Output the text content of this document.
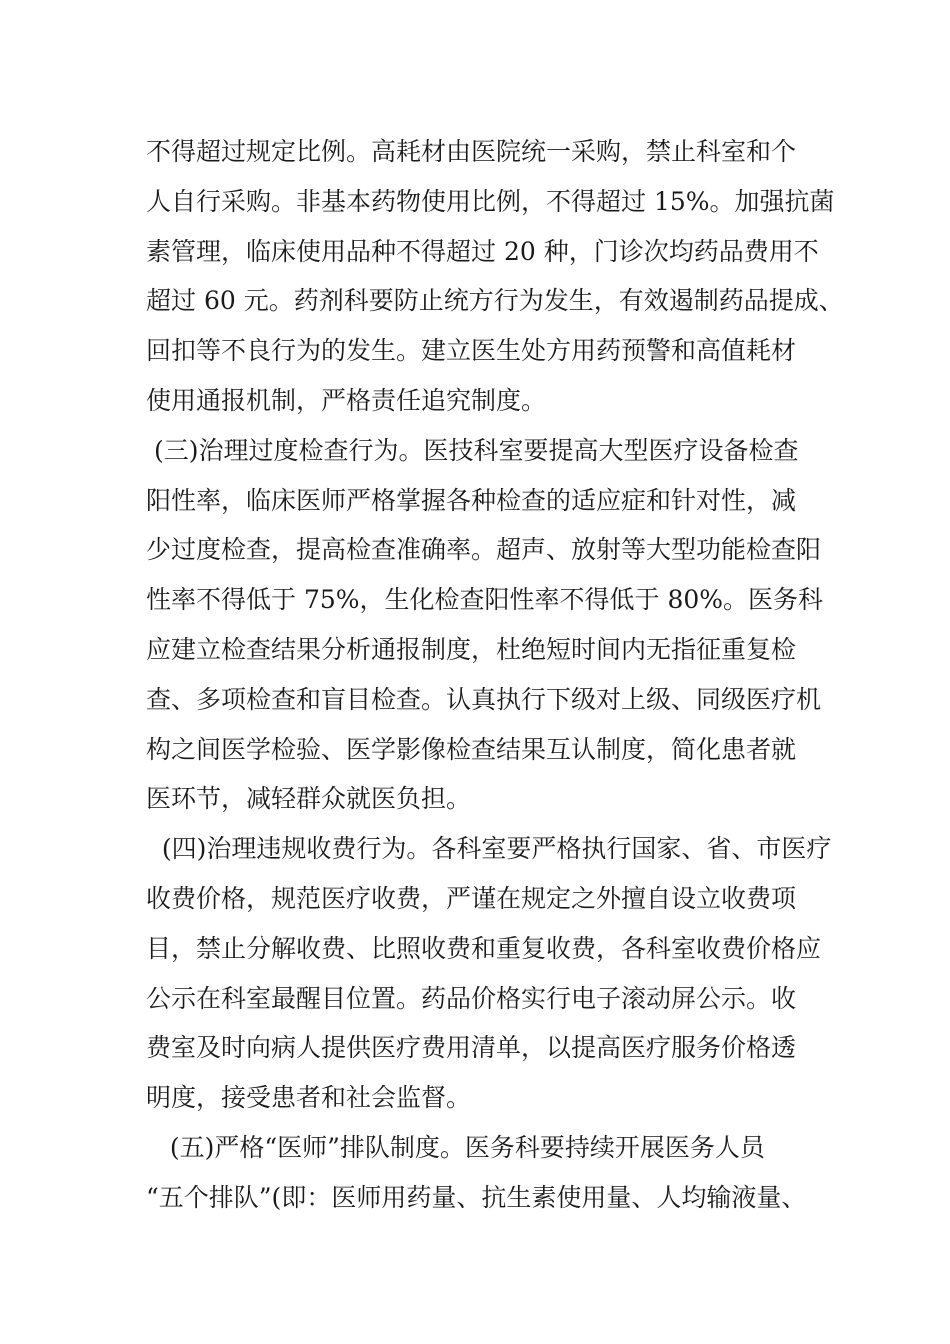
不得超过规定比例。高耗材由医院统一采购，禁止科室和个
人自行采购。非基本药物使用比例，不得超过 15%。加强抗菌
素管理，临床使用品种不得超过 20 种，门诊次均药品费用不
超过 60 元。药剂科要防止统方行为发生，有效遏制药品提成、
回扣等不良行为的发生。建立医生处方用药预警和高值耗材
使用通报机制，严格责任追究制度。
(三)治理过度检查行为。医技科室要提高大型医疗设备检查
阳性率，临床医师严格掌握各种检查的适应症和针对性，减
少过度检查，提高检查准确率。超声、放射等大型功能检查阳
性率不得低于 75%，生化检查阳性率不得低于 80%。医务科
应建立检查结果分析通报制度，杜绝短时间内无指征重复检
查、多项检查和盲目检查。认真执行下级对上级、同级医疗机
构之间医学检验、医学影像检查结果互认制度，简化患者就
医环节，减轻群众就医负担。
(四)治理违规收费行为。各科室要严格执行国家、省、市医疗
收费价格，规范医疗收费，严谨在规定之外擅自设立收费项
目，禁止分解收费、比照收费和重复收费，各科室收费价格应
公示在科室最醒目位置。药品价格实行电子滚动屏公示。收
费室及时向病人提供医疗费用清单，以提高医疗服务价格透
明度，接受患者和社会监督。
(五)严格“医师”排队制度。医务科要持续开展医务人员
“五个排队”(即：医师用药量、抗生素使用量、人均输液量、
